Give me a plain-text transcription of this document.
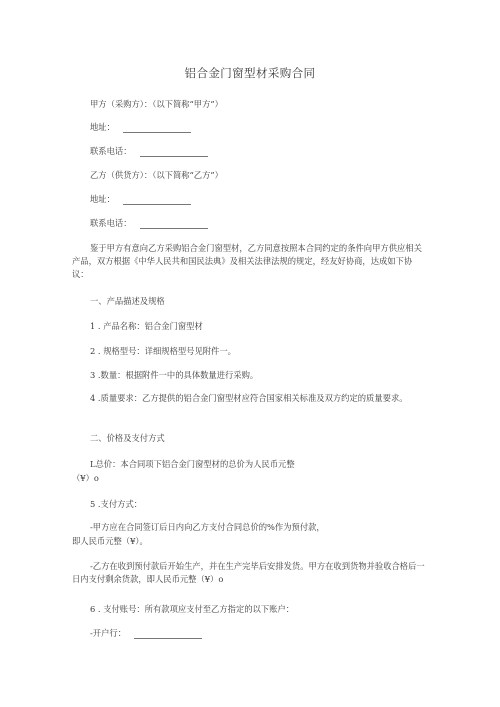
铝合金门窗型材采购合同
甲方（采购方）：（以下简称“甲方”）
地址：
联系电话：
乙方（供货方）：（以下简称“乙方”）
地址：
联系电话：
鉴于甲方有意向乙方采购铝合金门窗型材，乙方同意按照本合同约定的条件向甲方供应相关产品，双方根据《中华人民共和国民法典》及相关法律法规的规定，经友好协商，达成如下协议：
一、产品描述及规格
1 . 产品名称：铝合金门窗型材
2 . 规格型号：详细规格型号见附件一。
3 .数量：根据附件一中的具体数量进行采购。
4 .质量要求：乙方提供的铝合金门窗型材应符合国家相关标准及双方约定的质量要求。
二、价格及支付方式
L总价：本合同项下铝合金门窗型材的总价为人民币元整
（¥）o
5 .支付方式：
-甲方应在合同签订后日内向乙方支付合同总价的%作为预付款，
即人民币元整（¥）。
-乙方在收到预付款后开始生产，并在生产完毕后安排发货。甲方在收到货物并验收合格后一日内支付剩余货款，即人民币元整（¥）o
6 . 支付账号：所有款项应支付至乙方指定的以下账户：
-开户行：
